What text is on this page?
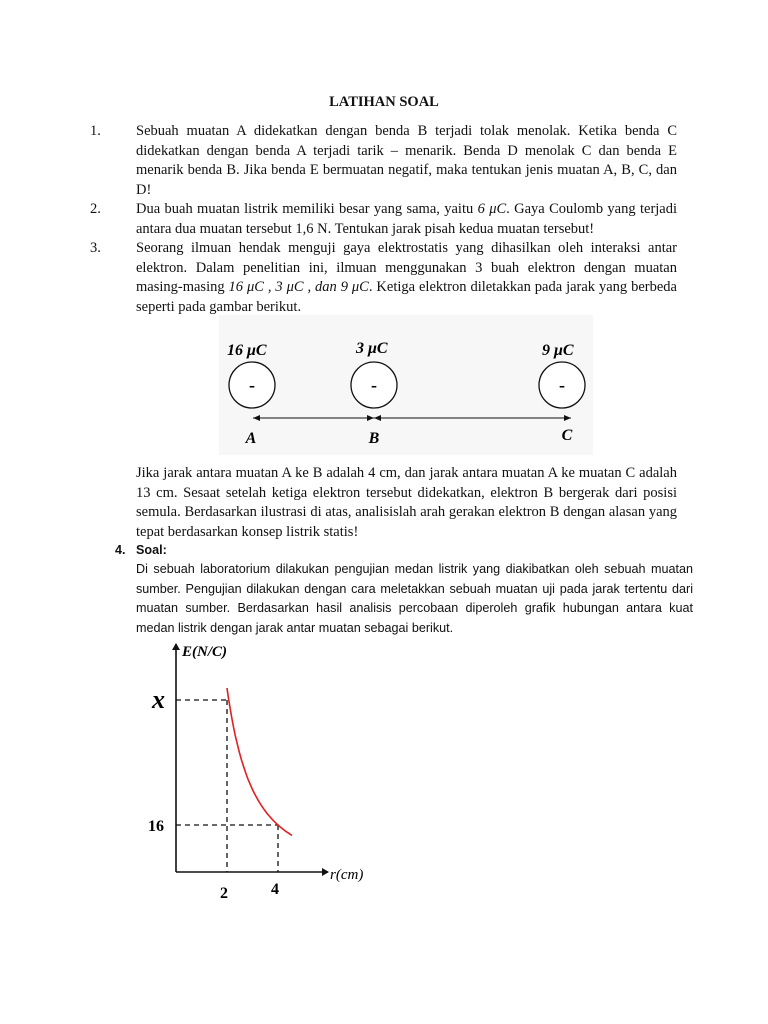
LATIHAN SOAL
1.	Sebuah muatan A didekatkan dengan benda B terjadi tolak menolak. Ketika benda C didekatkan dengan benda A terjadi tarik – menarik. Benda D menolak C dan benda E menarik benda B. Jika benda E bermuatan negatif, maka tentukan jenis muatan A, B, C, dan D!
2.	Dua buah muatan listrik memiliki besar yang sama, yaitu 6 μC. Gaya Coulomb yang terjadi antara dua muatan tersebut 1,6 N. Tentukan jarak pisah kedua muatan tersebut!
3.	Seorang ilmuan hendak menguji gaya elektrostatis yang dihasilkan oleh interaksi antar elektron. Dalam penelitian ini, ilmuan menggunakan 3 buah elektron dengan muatan masing-masing 16 μC , 3 μC , dan 9 μC. Ketiga elektron diletakkan pada jarak yang berbeda seperti pada gambar berikut.
16 μC
-
A
3 μC
-
B
9 μC
-
C
Jika jarak antara muatan A ke B adalah 4 cm, dan jarak antara muatan A ke muatan C adalah 13 cm. Sesaat setelah ketiga elektron tersebut didekatkan, elektron B bergerak dari posisi semula. Berdasarkan ilustrasi di atas, analisislah arah gerakan elektron B dengan alasan yang tepat berdasarkan konsep listrik statis!
4. Soal:
Di sebuah laboratorium dilakukan pengujian medan listrik yang diakibatkan oleh sebuah muatan sumber. Pengujian dilakukan dengan cara meletakkan sebuah muatan uji pada jarak tertentu dari muatan sumber. Berdasarkan hasil analisis percobaan diperoleh grafik hubungan antara kuat medan listrik dengan jarak antar muatan sebagai berikut.
E(N/C)
r(cm)
2	4
x
16
